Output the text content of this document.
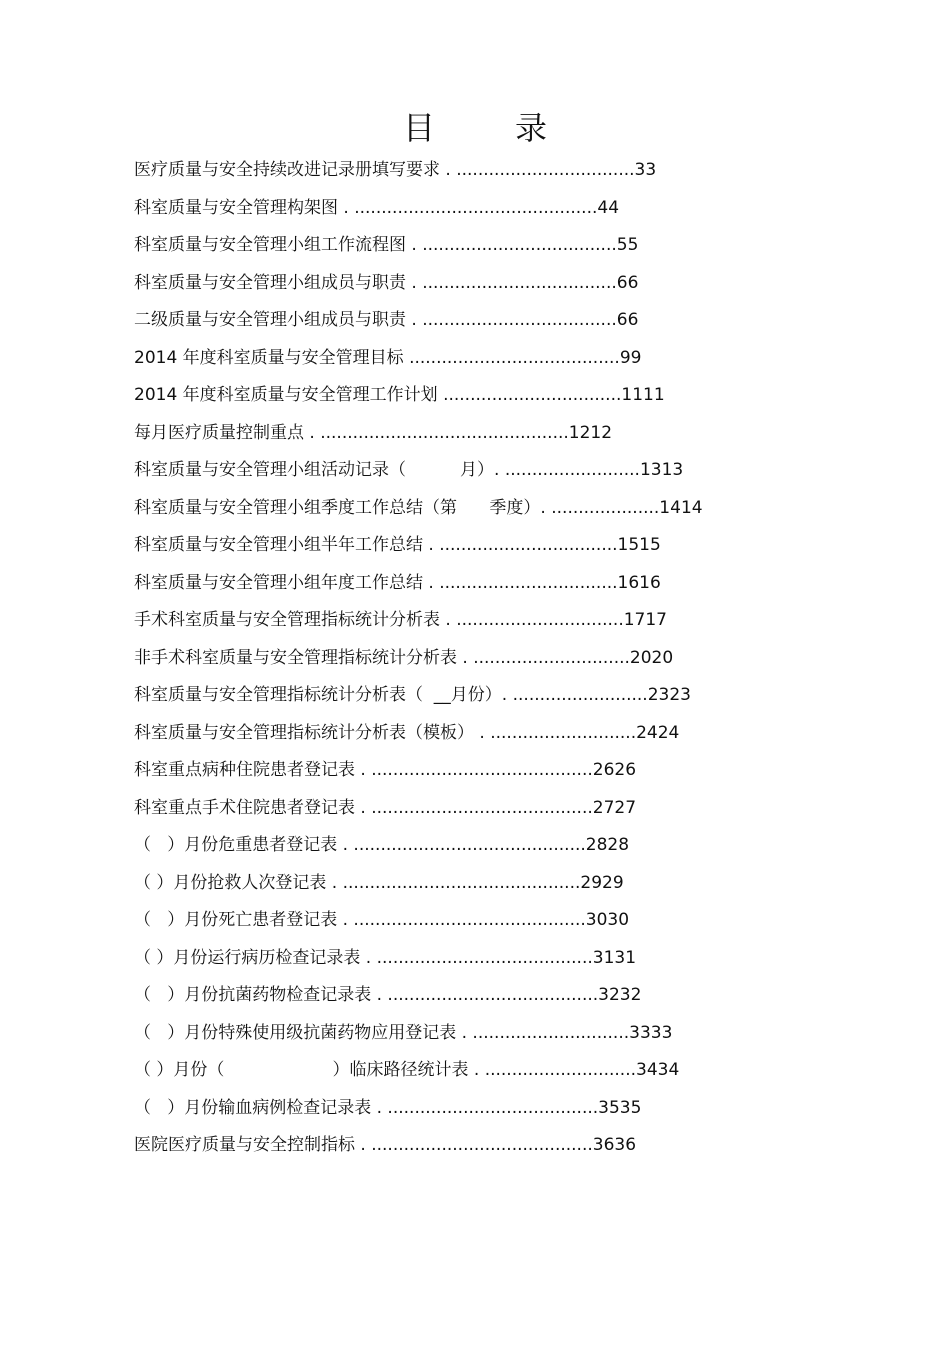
目	录
医疗质量与安全持续改进记录册填写要求 . .................................33
科室质量与安全管理构架图 . .............................................44
科室质量与安全管理小组工作流程图 . ....................................55
科室质量与安全管理小组成员与职责 . ....................................66
二级质量与安全管理小组成员与职责 . ....................................66
2014 年度科室质量与安全管理目标 .......................................99
2014 年度科室质量与安全管理工作计划 .................................1111
每月医疗质量控制重点 . ..............................................1212
科室质量与安全管理小组活动记录（          月）. .........................1313
科室质量与安全管理小组季度工作总结（第      季度）. ....................1414
科室质量与安全管理小组半年工作总结 . .................................1515
科室质量与安全管理小组年度工作总结 . .................................1616
手术科室质量与安全管理指标统计分析表 . ...............................1717
非手术科室质量与安全管理指标统计分析表 . .............................2020
科室质量与安全管理指标统计分析表（  __月份）. .........................2323
科室质量与安全管理指标统计分析表（模板） . ...........................2424
科室重点病种住院患者登记表 . .........................................2626
科室重点手术住院患者登记表 . .........................................2727
（   ）月份危重患者登记表 . ...........................................2828
（ ）月份抢救人次登记表 . ............................................2929
（   ）月份死亡患者登记表 . ...........................................3030
（ ）月份运行病历检查记录表 . ........................................3131
（   ）月份抗菌药物检查记录表 . .......................................3232
（   ）月份特殊使用级抗菌药物应用登记表 . .............................3333
（ ）月份（                    ）临床路径统计表 . ............................3434
（   ）月份输血病例检查记录表 . .......................................3535
医院医疗质量与安全控制指标 . .........................................3636
